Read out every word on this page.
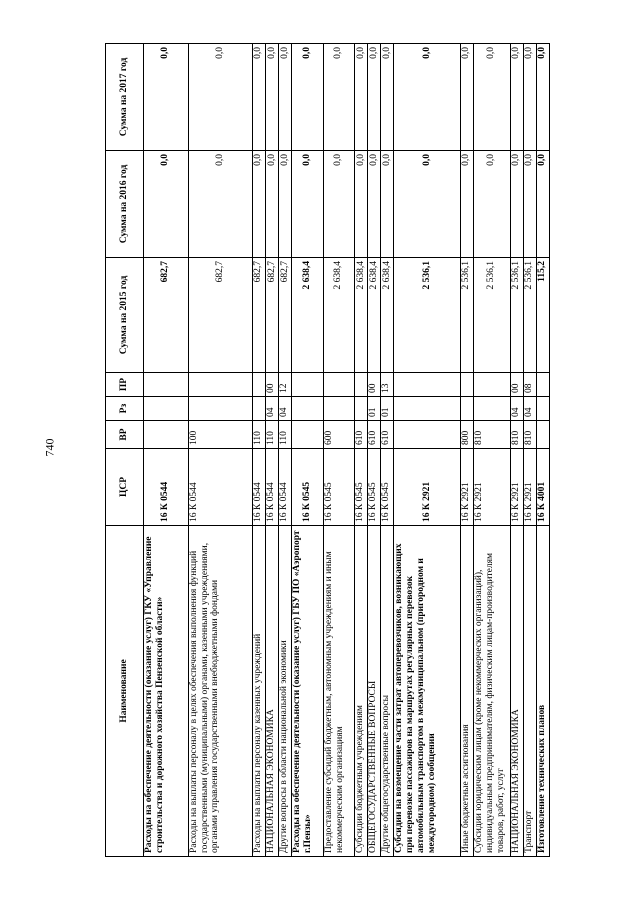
740
Наименование	ЦСР	ВР	Рз	ПР	Сумма на 2015 год	Сумма на 2016 год	Сумма на 2017 год
Расходы на обеспечение деятельности (оказание услуг) ГКУ «Управление строительства и дорожного хозяйства Пензенской области»	16 К 0544				682,7	0,0	0,0
Расходы на выплаты персоналу в целях обеспечения выполнения функций государственными (муниципальными) органами, казенными учреждениями, органами управления государственными внебюджетными фондами	16 К 0544	100			682,7	0,0	0,0
Расходы на выплаты персоналу казенных учреждений	16 К 0544	110			682,7	0,0	0,0
НАЦИОНАЛЬНАЯ ЭКОНОМИКА	16 К 0544	110	04	00	682,7	0,0	0,0
Другие вопросы в области национальной экономики	16 К 0544	110	04	12	682,7	0,0	0,0
Расходы на обеспечение деятельности (оказание услуг) ГБУ ПО «Аэропорт г.Пензы»	16 К 0545				2 638,4	0,0	0,0
Предоставление субсидий бюджетным, автономным учреждениям и иным некоммерческим организациям	16 К 0545	600			2 638,4	0,0	0,0
Субсидии бюджетным учреждениям	16 К 0545	610			2 638,4	0,0	0,0
ОБЩЕГОСУДАРСТВЕННЫЕ ВОПРОСЫ	16 К 0545	610	01	00	2 638,4	0,0	0,0
Другие общегосударственные вопросы	16 К 0545	610	01	13	2 638,4	0,0	0,0
Субсидии на возмещение части затрат автоперевозчиков, возникающих при перевозке пассажиров на маршрутах регулярных перевозок автомобильным транспортом в межмуниципальном (пригородном и междугородном) сообщении	16 К 2921				2 536,1	0,0	0,0
Иные бюджетные ассигнования	16 К 2921	800			2 536,1	0,0	0,0
Субсидии юридическим лицам (кроме некоммерческих организаций), индивидуальным предпринимателям, физическим лицам-производителям товаров, работ, услуг	16 К 2921	810			2 536,1	0,0	0,0
НАЦИОНАЛЬНАЯ ЭКОНОМИКА	16 К 2921	810	04	00	2 536,1	0,0	0,0
Транспорт	16 К 2921	810	04	08	2 536,1	0,0	0,0
Изготовление технических планов	16 К 4001				115,2	0,0	0,0
